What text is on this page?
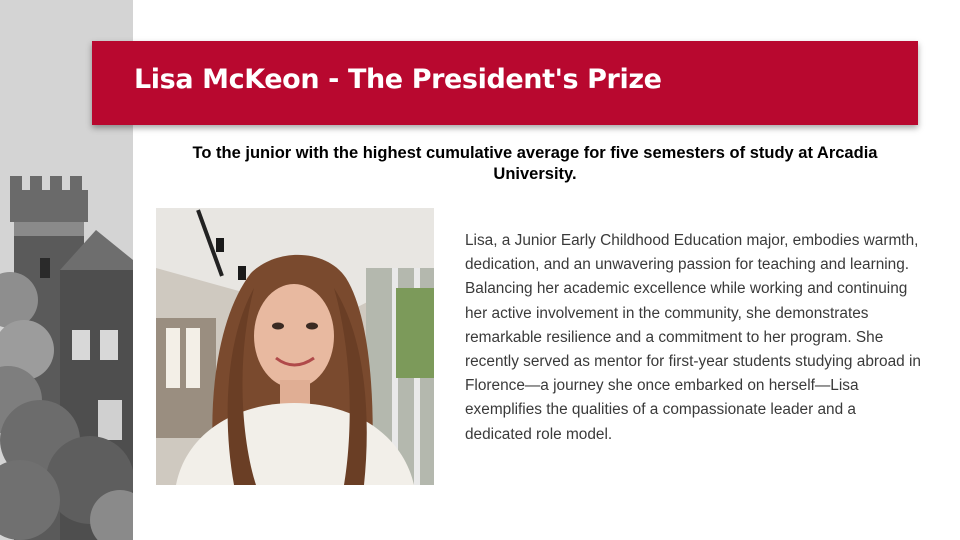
Lisa McKeon - The President's Prize

To the junior with the highest cumulative average for five semesters of study at Arcadia University.

Lisa, a Junior Early Childhood Education major, embodies warmth, dedication, and an unwavering passion for teaching and learning. Balancing her academic excellence while working and continuing her active involvement in the community, she demonstrates remarkable resilience and a commitment to her program. She recently served as mentor for first-year students studying abroad in Florence—a journey she once embarked on herself—Lisa exemplifies the qualities of a compassionate leader and a dedicated role model.
